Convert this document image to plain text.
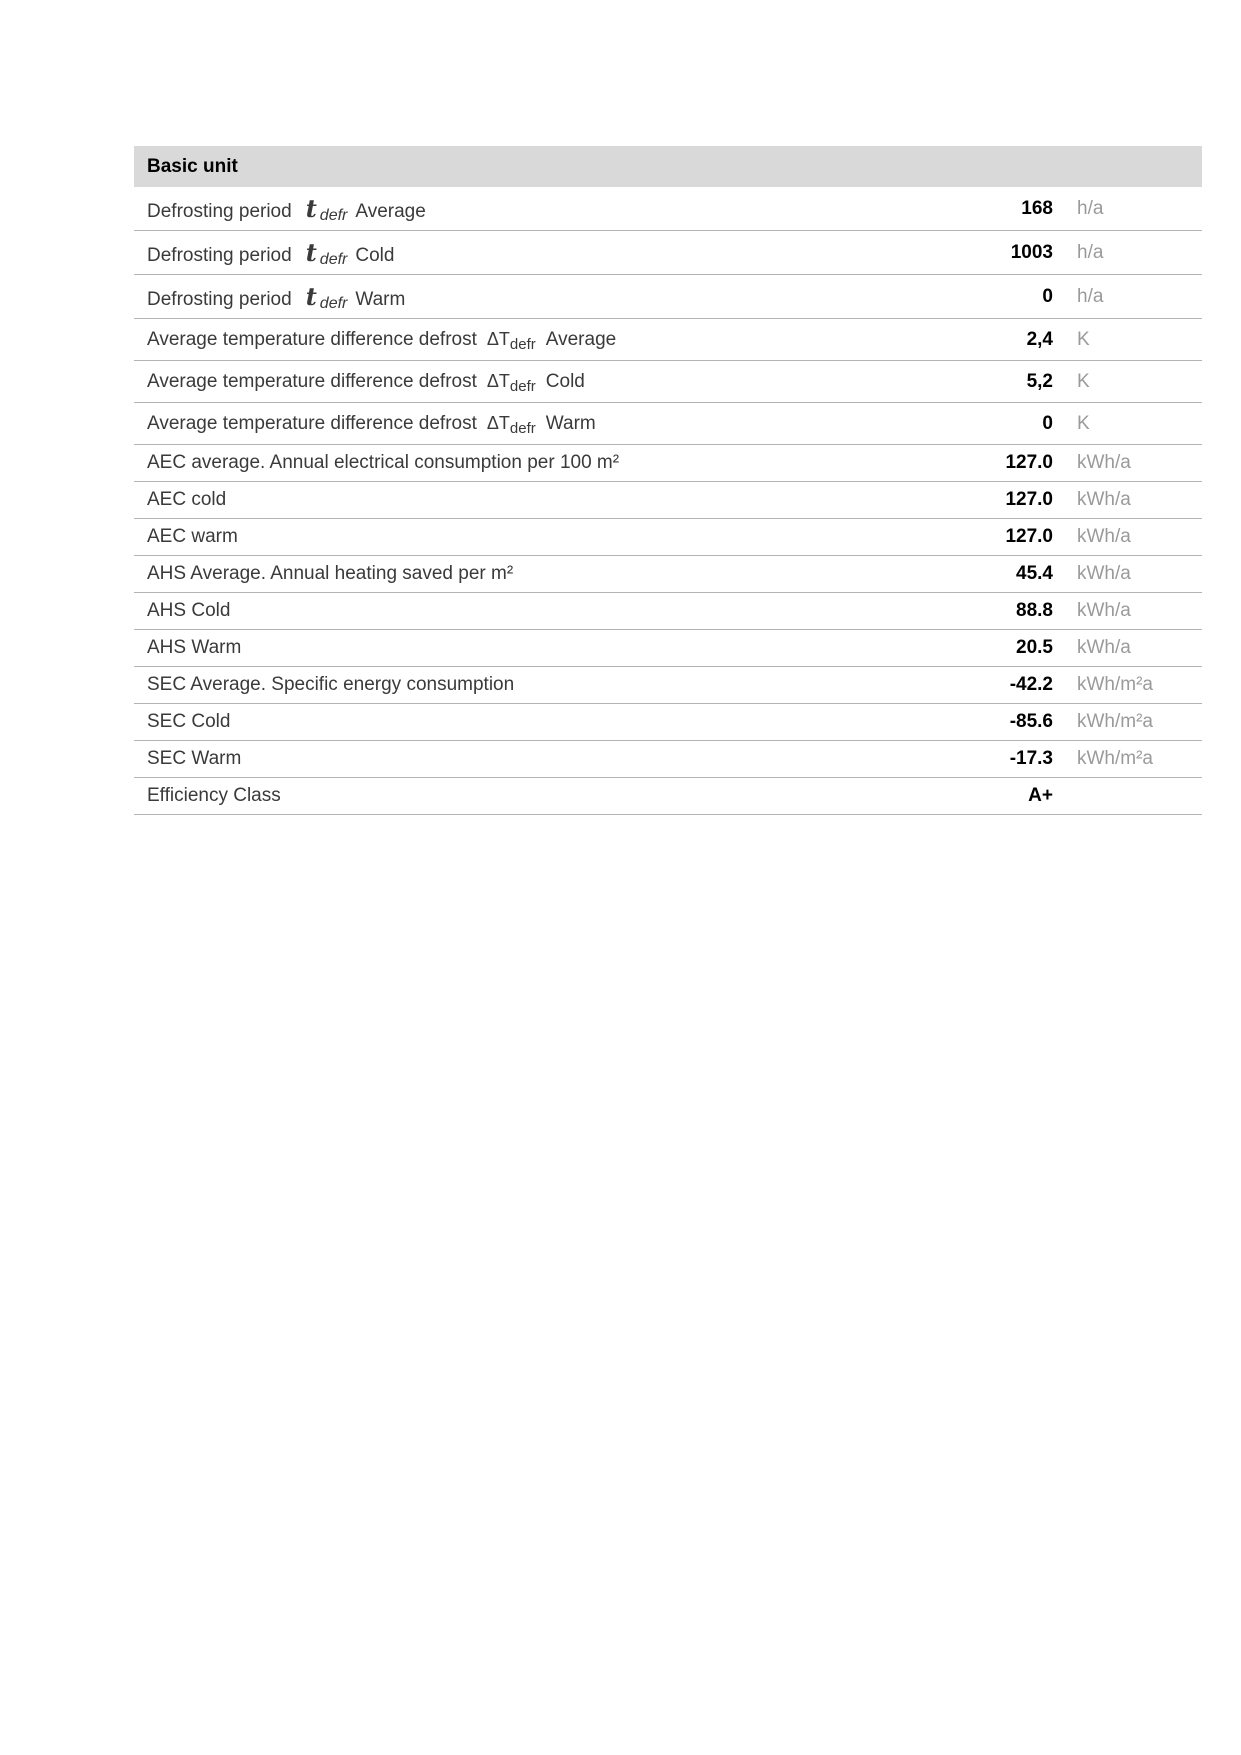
Basic unit		
Defrosting period t defr Average	168	h/a
Defrosting period t defr Cold	1003	h/a
Defrosting period t defr Warm	0	h/a
Average temperature difference defrost $\Delta T_{defr}$ Average	2,4	K
Average temperature difference defrost $\Delta T_{defr}$ Cold	5,2	K
Average temperature difference defrost $\Delta T_{defr}$ Warm	0	K
AEC average. Annual electrical consumption per 100 m²	127.0	kWh/a
AEC cold	127.0	kWh/a
AEC warm	127.0	kWh/a
AHS Average. Annual heating saved per m²	45.4	kWh/a
AHS Cold	88.8	kWh/a
AHS Warm	20.5	kWh/a
SEC Average. Specific energy consumption	-42.2	kWh/m²a
SEC Cold	-85.6	kWh/m²a
SEC Warm	-17.3	kWh/m²a
Efficiency Class	A+	
